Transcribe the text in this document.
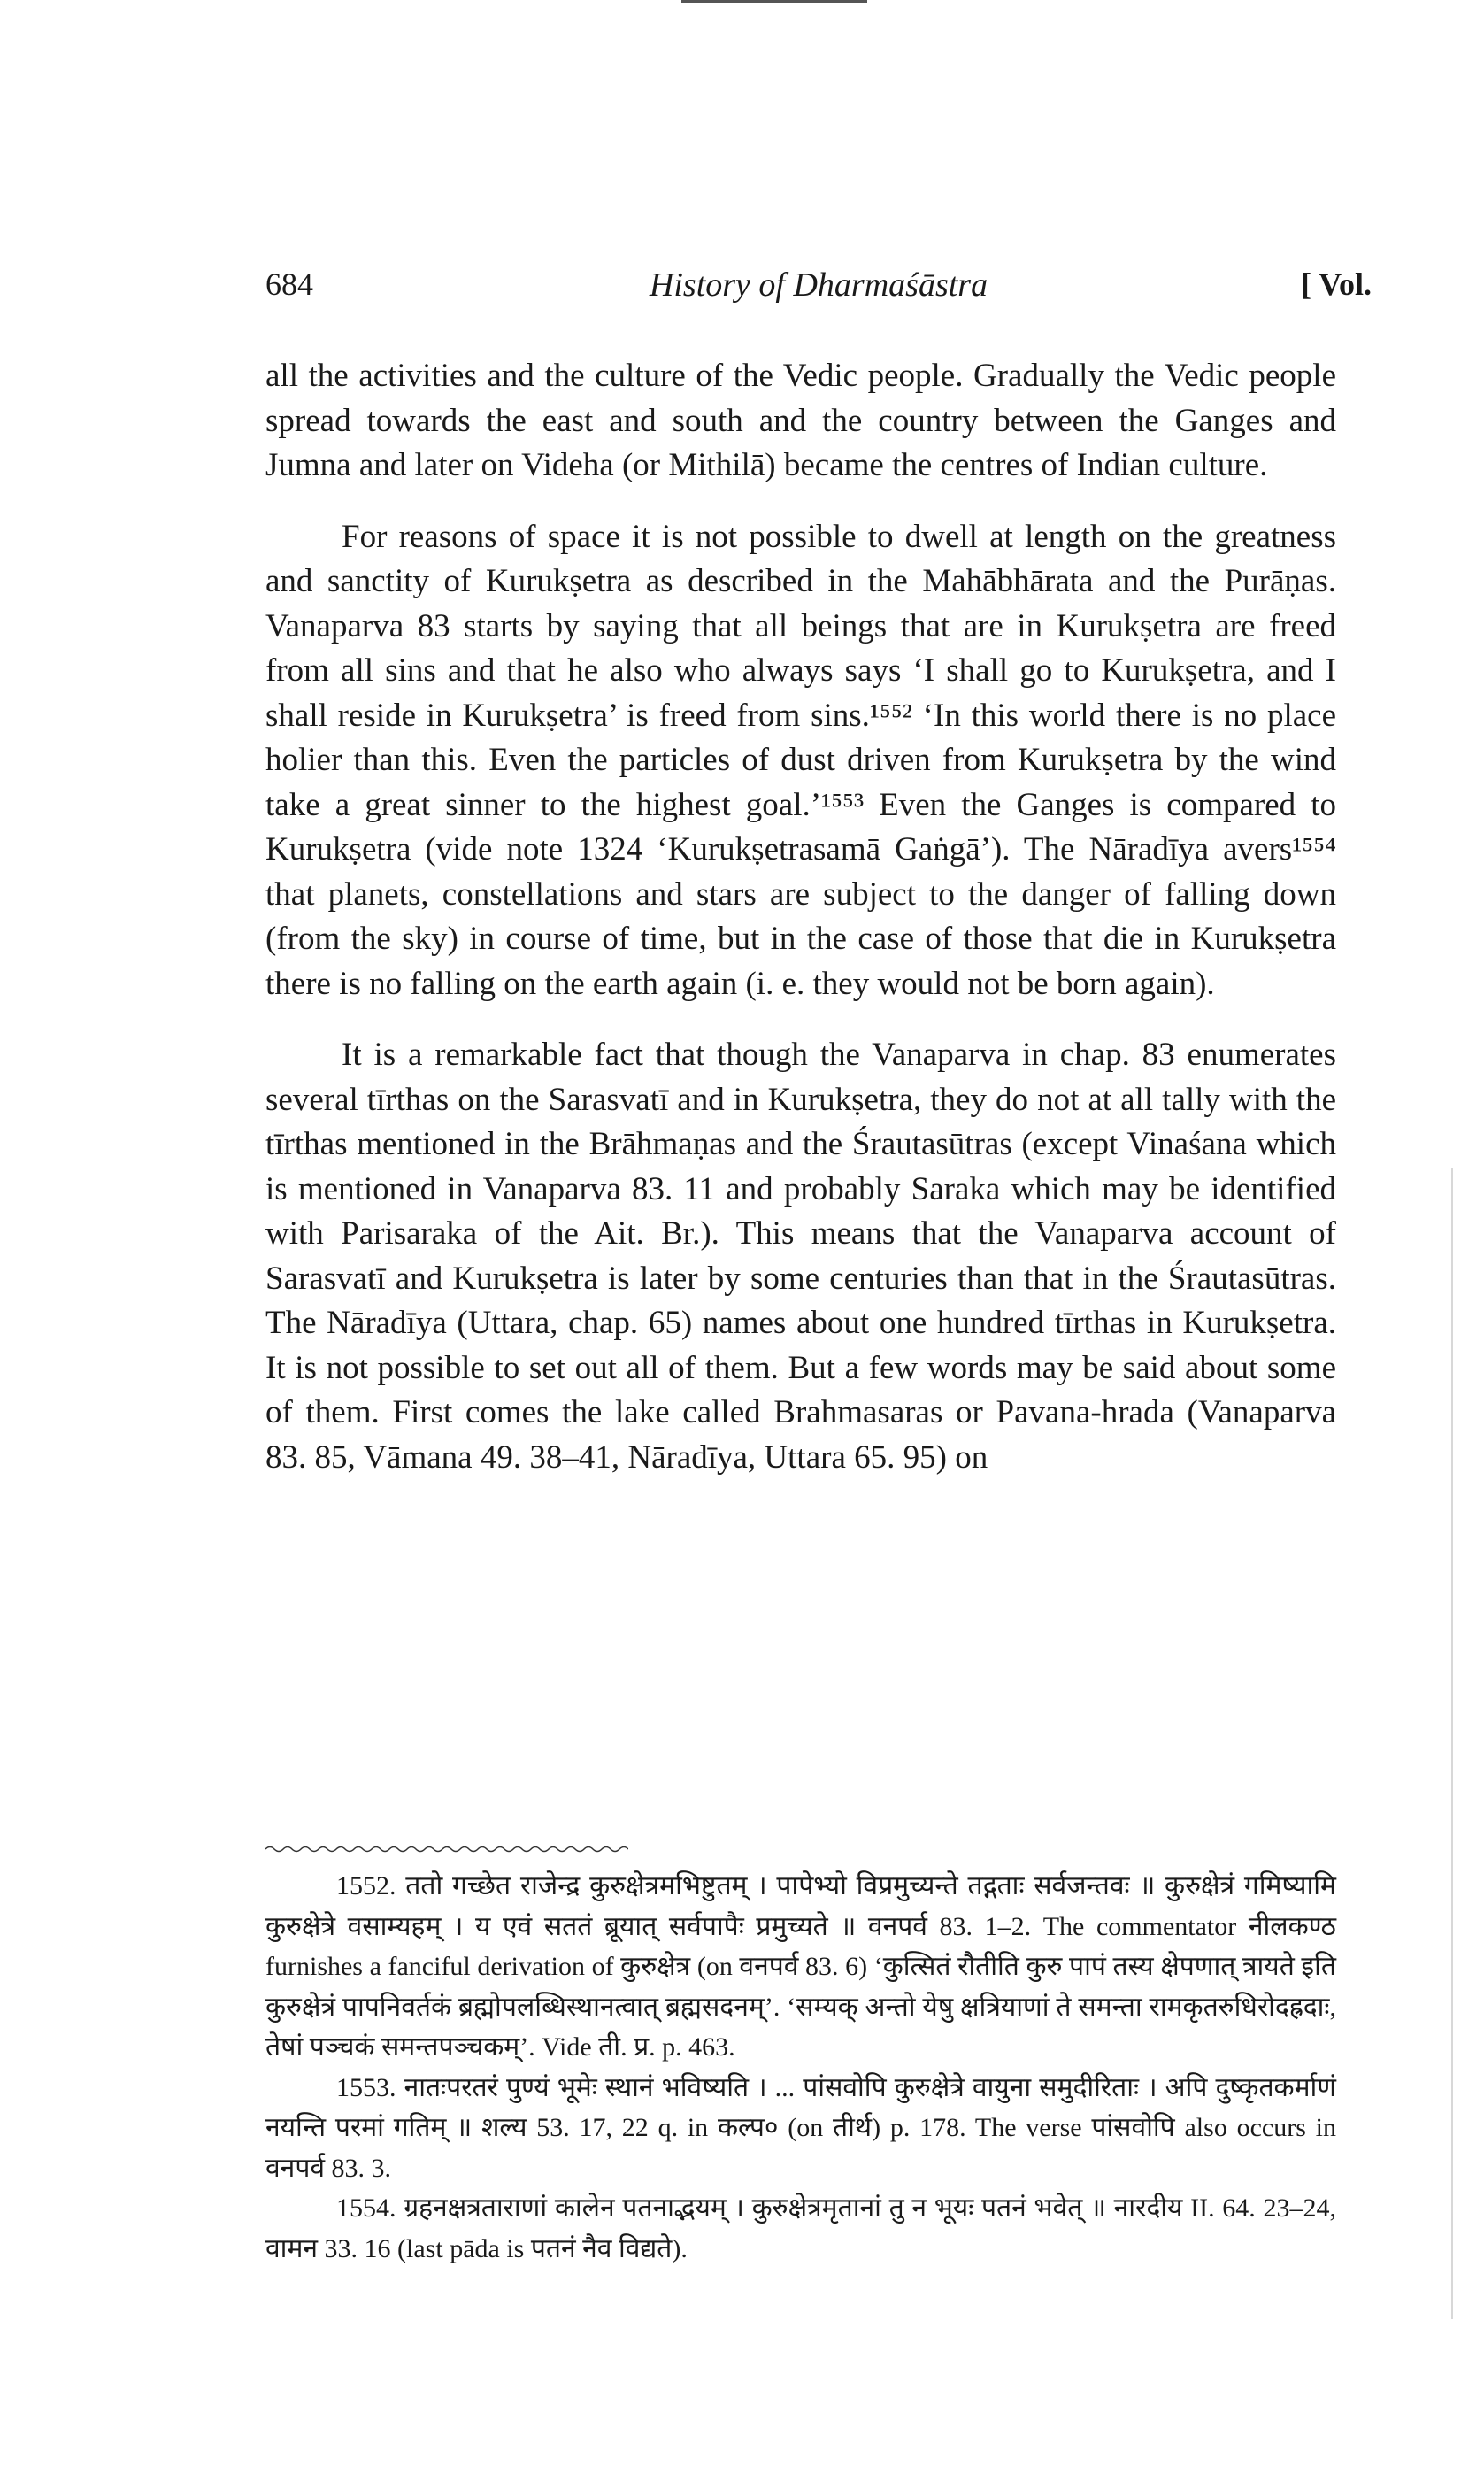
684	History of Dharmaśāstra	[ Vol.

all the activities and the culture of the Vedic people. Gradually the Vedic people spread towards the east and south and the country between the Ganges and Jumna and later on Videha (or Mithilā) became the centres of Indian culture.

For reasons of space it is not possible to dwell at length on the greatness and sanctity of Kurukṣetra as described in the Mahābhārata and the Purāṇas. Vanaparva 83 starts by saying that all beings that are in Kurukṣetra are freed from all sins and that he also who always says ‘I shall go to Kurukṣetra, and I shall reside in Kurukṣetra’ is freed from sins.¹⁵⁵² ‘In this world there is no place holier than this. Even the particles of dust driven from Kurukṣetra by the wind take a great sinner to the highest goal.’¹⁵⁵³ Even the Ganges is compared to Kurukṣetra (vide note 1324 ‘Kurukṣetrasamā Gaṅgā’). The Nāradīya avers¹⁵⁵⁴ that planets, constellations and stars are subject to the danger of falling down (from the sky) in course of time, but in the case of those that die in Kurukṣetra there is no falling on the earth again (i. e. they would not be born again).

It is a remarkable fact that though the Vanaparva in chap. 83 enumerates several tīrthas on the Sarasvatī and in Kurukṣetra, they do not at all tally with the tīrthas mentioned in the Brāhmaṇas and the Śrautasūtras (except Vinaśana which is mentioned in Vanaparva 83. 11 and probably Saraka which may be identified with Parisaraka of the Ait. Br.). This means that the Vanaparva account of Sarasvatī and Kurukṣetra is later by some centuries than that in the Śrautasūtras. The Nāradīya (Uttara, chap. 65) names about one hundred tīrthas in Kurukṣetra. It is not possible to set out all of them. But a few words may be said about some of them. First comes the lake called Brahmasaras or Pavana-hrada (Vanaparva 83. 85, Vāmana 49. 38–41, Nāradīya, Uttara 65. 95) on

1552. ततो गच्छेत राजेन्द्र कुरुक्षेत्रमभिष्टुतम् । पापेभ्यो विप्रमुच्यन्ते तद्गताः सर्वजन्तवः ॥ कुरुक्षेत्रं गमिष्यामि कुरुक्षेत्रे वसाम्यहम् । य एवं सततं ब्रूयात् सर्वपापैः प्रमुच्यते ॥ वनपर्व 83. 1–2. The commentator नीलकण्ठ furnishes a fanciful derivation of कुरुक्षेत्र (on वनपर्व 83. 6) ‘कुत्सितं रौतीति कुरु पापं तस्य क्षेपणात् त्रायते इति कुरुक्षेत्रं पापनिवर्तकं ब्रह्मोपलब्धिस्थानत्वात् ब्रह्मसदनम्’. ‘सम्यक् अन्तो येषु क्षत्रियाणां ते समन्ता रामकृतरुधिरोदह्रदाः, तेषां पञ्चकं समन्तपञ्चकम्’. Vide ती. प्र. p. 463.

1553. नातःपरतरं पुण्यं भूमेः स्थानं भविष्यति । ... पांसवोपि कुरुक्षेत्रे वायुना समुदीरिताः । अपि दुष्कृतकर्माणं नयन्ति परमां गतिम् ॥ शल्य 53. 17, 22 q. in कल्प० (on तीर्थ) p. 178. The verse पांसवोपि also occurs in वनपर्व 83. 3.

1554. ग्रहनक्षत्रताराणां कालेन पतनाद्भयम् । कुरुक्षेत्रमृतानां तु न भूयः पतनं भवेत् ॥ नारदीय II. 64. 23–24, वामन 33. 16 (last pāda is पतनं नैव विद्यते).
